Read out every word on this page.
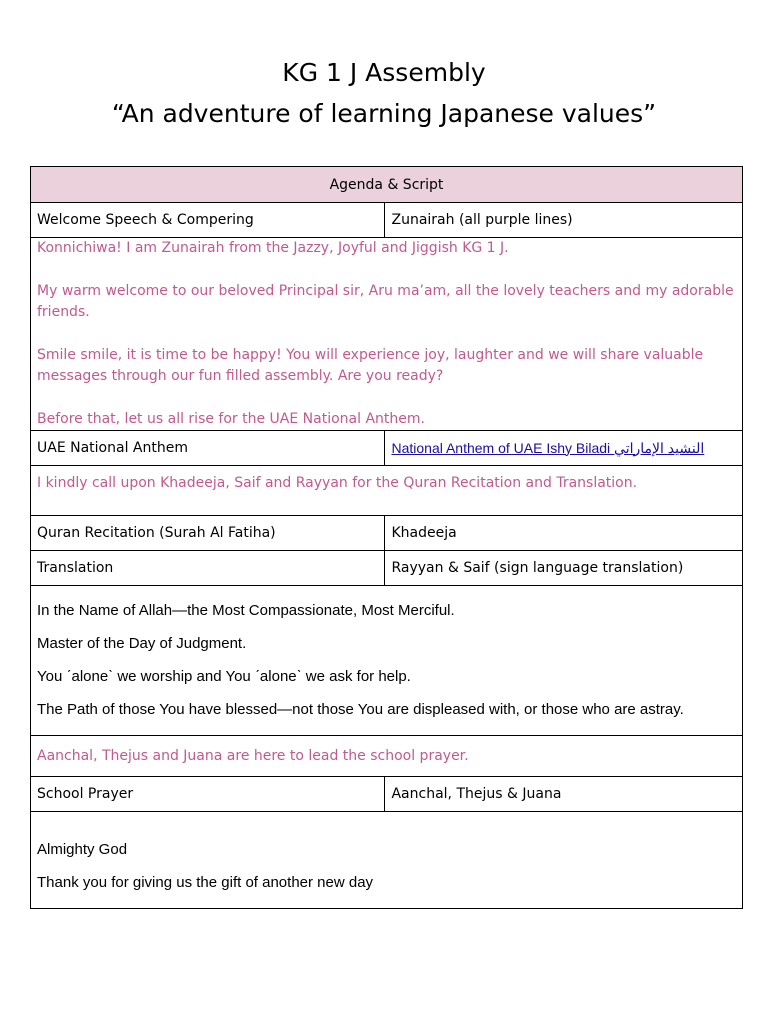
KG 1 J Assembly
“An adventure of learning Japanese values”
Agenda & Script	
Welcome Speech & Compering	Zunairah (all purple lines)

Konnichiwa! I am Zunairah from the Jazzy, Joyful and Jiggish KG 1 J.

My warm welcome to our beloved Principal sir, Aru ma’am, all the lovely teachers and my adorable friends.

Smile smile, it is time to be happy! You will experience joy, laughter and we will share valuable messages through our fun filled assembly. Are you ready?

Before that, let us all rise for the UAE National Anthem.	

UAE National Anthem	National Anthem of UAE Ishy Biladi النشيد الإماراتي
I kindly call upon Khadeeja, Saif and Rayyan for the Quran Recitation and Translation.	
Quran Recitation (Surah Al Fatiha)	Khadeeja
Translation	Rayyan & Saif (sign language translation)

In the Name of Allah—the Most Compassionate, Most Merciful.

Master of the Day of Judgment.

You ˊaloneˋ we worship and You ˊaloneˋ we ask for help.

The Path of those You have blessed—not those You are displeased with, or those who are astray.	

Aanchal, Thejus and Juana are here to lead the school prayer.	
School Prayer	Aanchal, Thejus & Juana

Almighty God

Thank you for giving us the gift of another new day	
